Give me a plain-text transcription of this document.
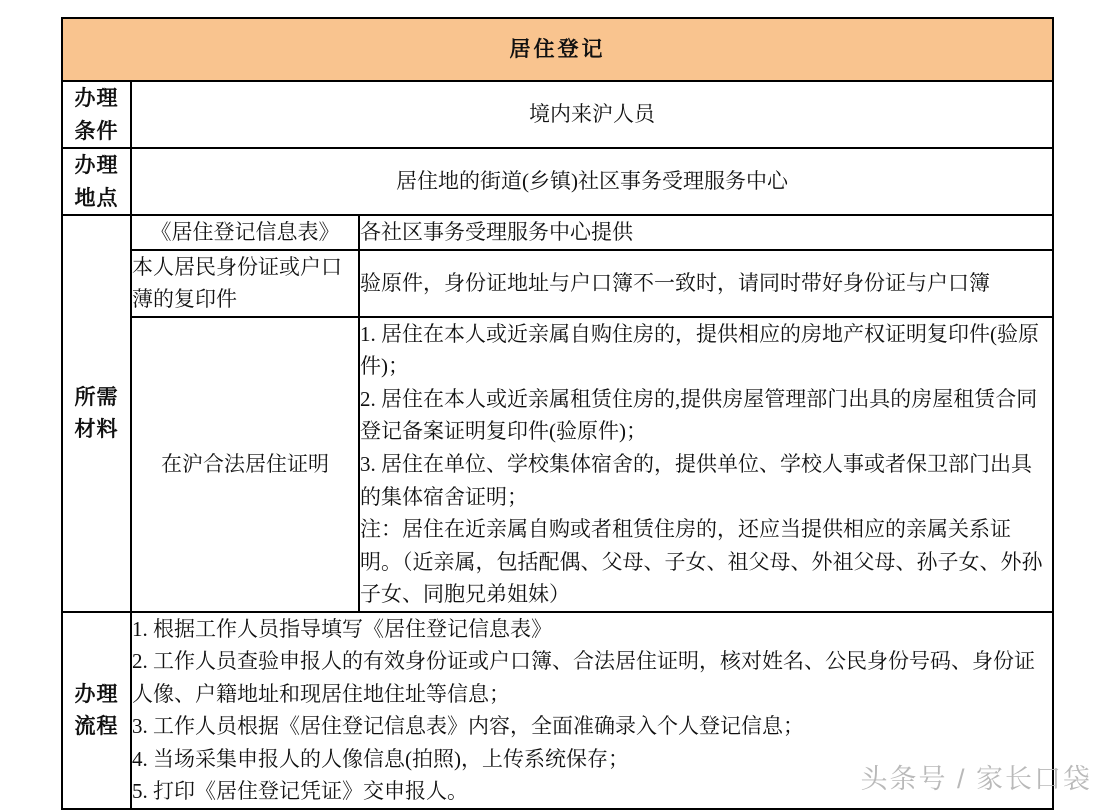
居住登记		

办理
条件	境内来沪人员	

办理
地点	居住地的街道(乡镇)社区事务受理服务中心	

所需
材料	《居住登记信息表》	各社区事务受理服务中心提供
	本人居民身份证或户口薄的复印件	验原件，身份证地址与户口簿不一致时，请同时带好身份证与户口簿
	在沪合法居住证明	1. 居住在本人或近亲属自购住房的，提供相应的房地产权证明复印件(验原件)；

2. 居住在本人或近亲属租赁住房的,提供房屋管理部门出具的房屋租赁合同登记备案证明复印件(验原件)；

3. 居住在单位、学校集体宿舍的，提供单位、学校人事或者保卫部门出具的集体宿舍证明；

注：居住在近亲属自购或者租赁住房的，还应当提供相应的亲属关系证明。（近亲属，包括配偶、父母、子女、祖父母、外祖父母、孙子女、外孙子女、同胞兄弟姐妹）

办理
流程

1. 根据工作人员指导填写《居住登记信息表》

2. 工作人员查验申报人的有效身份证或户口簿、合法居住证明，核对姓名、公民身份号码、身份证人像、户籍地址和现居住地住址等信息；

3. 工作人员根据《居住登记信息表》内容，全面准确录入个人登记信息；

4. 当场采集申报人的人像信息(拍照)，上传系统保存；

5. 打印《居住登记凭证》交申报人。	头条号 / 家长口袋
